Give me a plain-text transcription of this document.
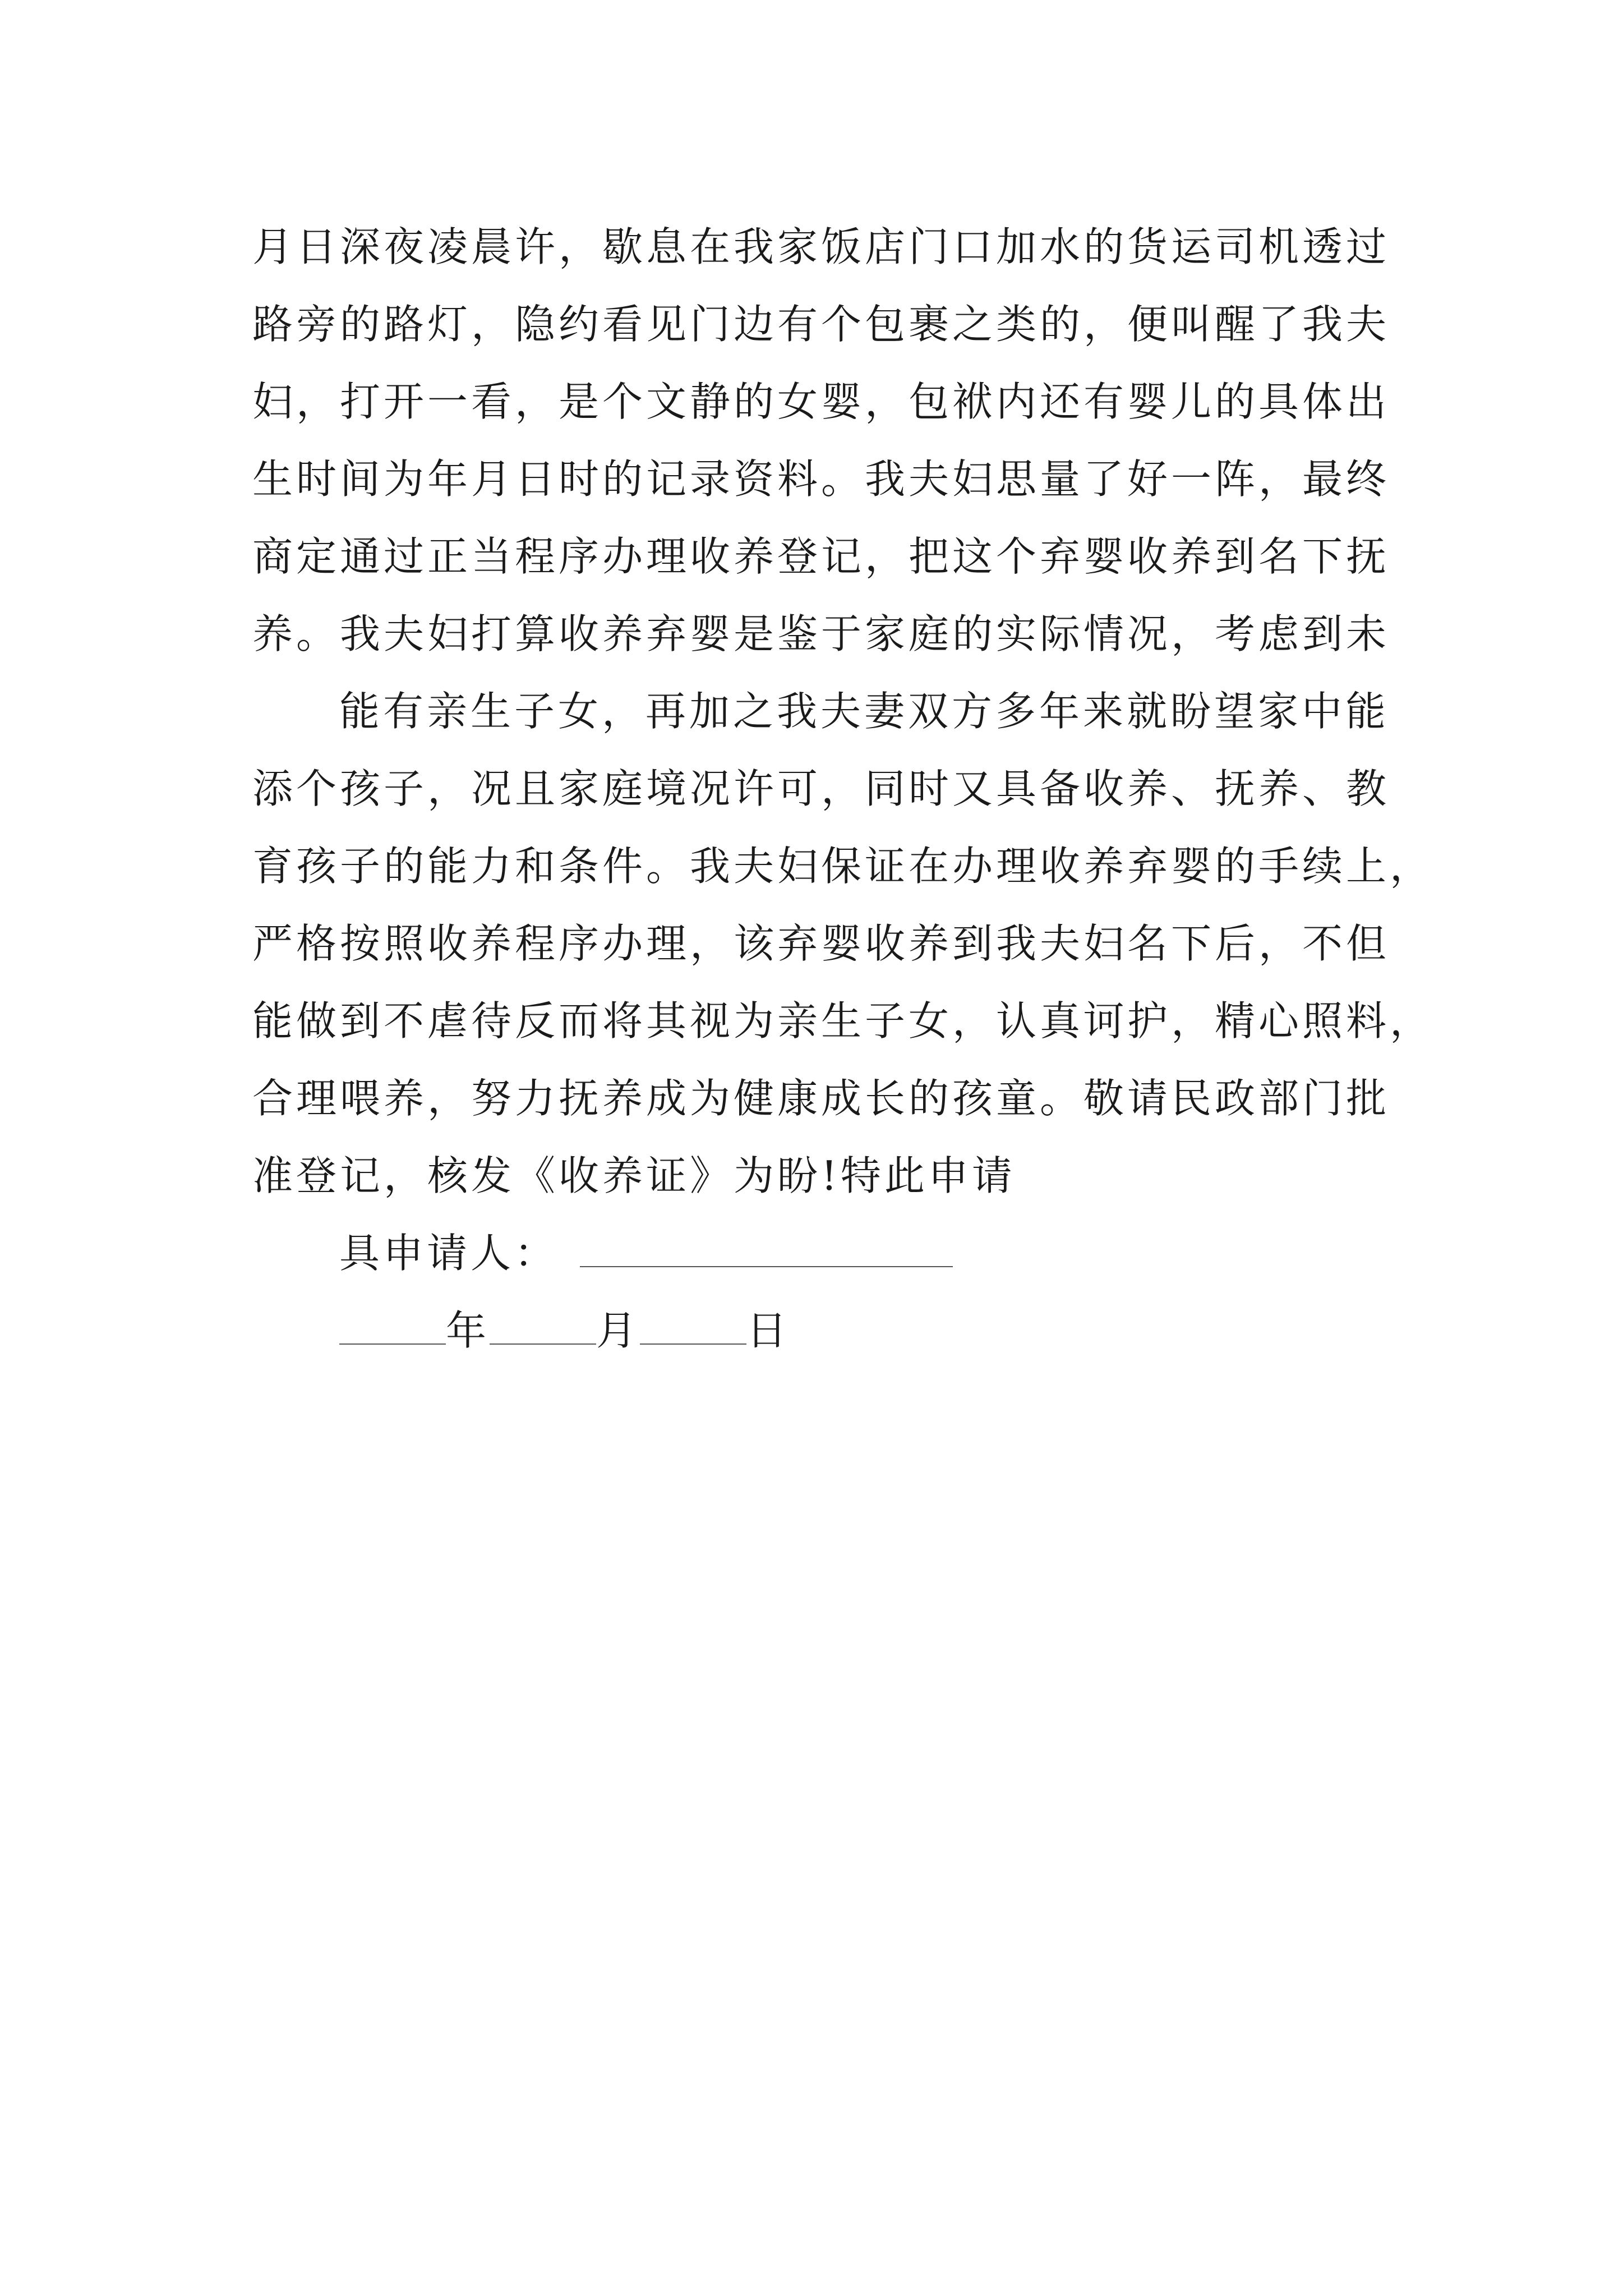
月日深夜凌晨许，歇息在我家饭店门口加水的货运司机透过
路旁的路灯，隐约看见门边有个包裹之类的，便叫醒了我夫
妇，打开一看，是个文静的女婴，包袱内还有婴儿的具体出
生时间为年月日时的记录资料。我夫妇思量了好一阵，最终
商定通过正当程序办理收养登记，把这个弃婴收养到名下抚
养。我夫妇打算收养弃婴是鉴于家庭的实际情况，考虑到未
能有亲生子女，再加之我夫妻双方多年来就盼望家中能
添个孩子，况且家庭境况许可，同时又具备收养、抚养、教
育孩子的能力和条件。我夫妇保证在办理收养弃婴的手续上，
严格按照收养程序办理，该弃婴收养到我夫妇名下后，不但
能做到不虐待反而将其视为亲生子女，认真诃护，精心照料，
合理喂养，努力抚养成为健康成长的孩童。敬请民政部门批
准登记，核发《收养证》为盼!特此申请
具申请人：
年	月	日
